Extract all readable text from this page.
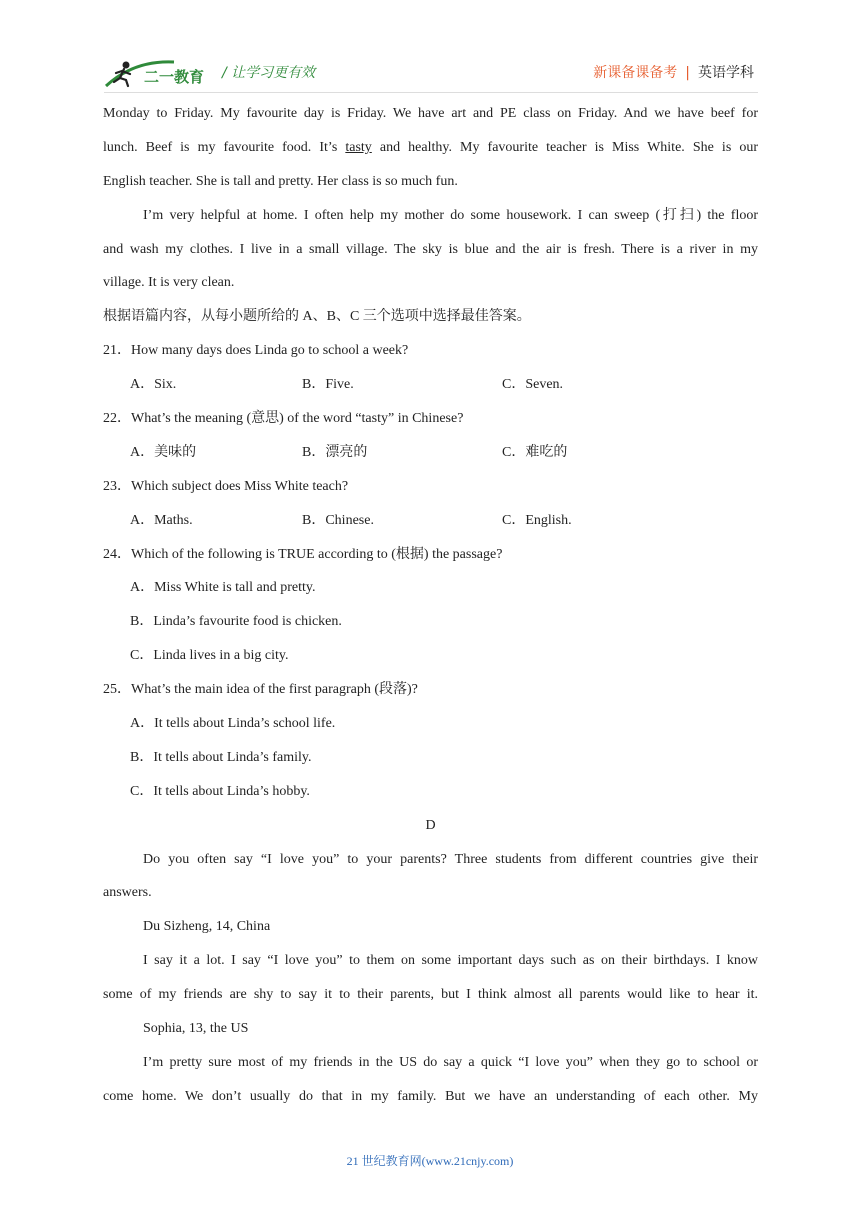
二一教育 / 让学习更有效	新课备课备考 | 英语学科
Monday to Friday. My favourite day is Friday. We have art and PE class on Friday. And we have beef for
lunch. Beef is my favourite food. It’s tasty and healthy. My favourite teacher is Miss White. She is our
English teacher. She is tall and pretty. Her class is so much fun.
I’m very helpful at home. I often help my mother do some housework. I can sweep (打扫) the floor
and wash my clothes. I live in a small village. The sky is blue and the air is fresh. There is a river in my
village. It is very clean.
根据语篇内容，从每小题所给的 A、B、C 三个选项中选择最佳答案。
21．How many days does Linda go to school a week?
A．Six.	B．Five.	C．Seven.
22．What’s the meaning (意思) of the word “tasty” in Chinese?
A．美味的	B．漂亮的	C．难吃的
23．Which subject does Miss White teach?
A．Maths.	B．Chinese.	C．English.
24．Which of the following is TRUE according to (根据) the passage?
A．Miss White is tall and pretty.
B．Linda’s favourite food is chicken.
C．Linda lives in a big city.
25．What’s the main idea of the first paragraph (段落)?
A．It tells about Linda’s school life.
B．It tells about Linda’s family.
C．It tells about Linda’s hobby.
D
Do you often say “I love you” to your parents? Three students from different countries give their
answers.
Du Sizheng, 14, China
I say it a lot. I say “I love you” to them on some important days such as on their birthdays. I know
some of my friends are shy to say it to their parents, but I think almost all parents would like to hear it.
Sophia, 13, the US
I’m pretty sure most of my friends in the US do say a quick “I love you” when they go to school or
come home. We don’t usually do that in my family. But we have an understanding of each other. My
21 世纪教育网(www.21cnjy.com)
